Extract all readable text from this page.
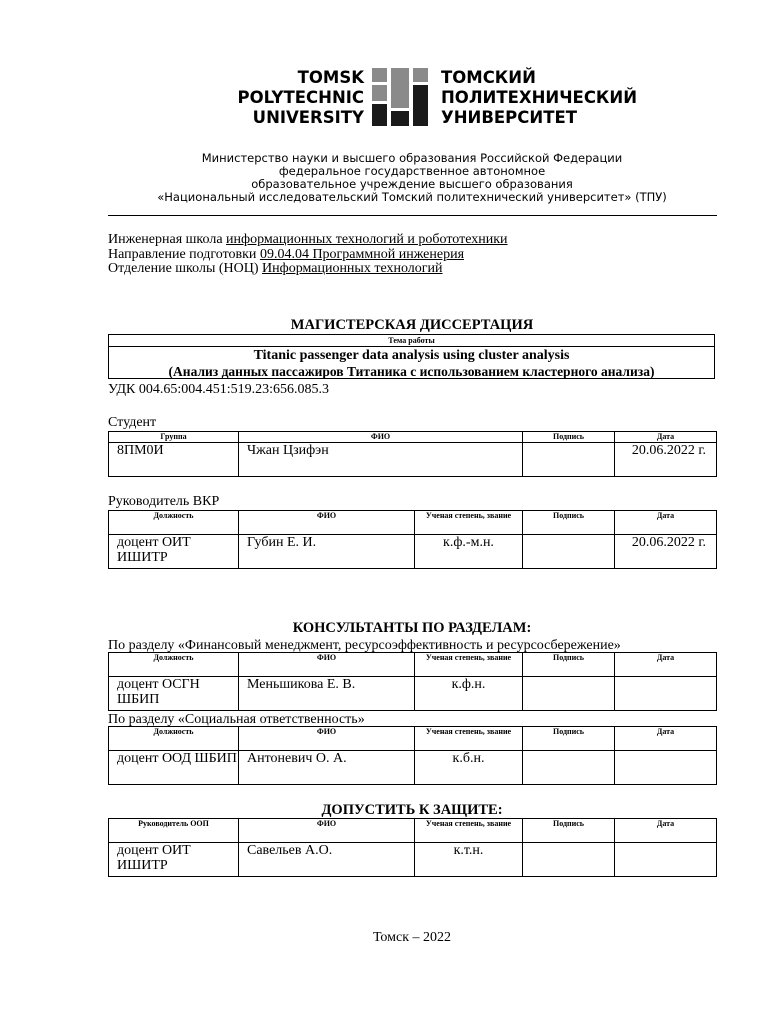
TOMSK
POLYTECHNIC
UNIVERSITY
ТОМСКИЙ
ПОЛИТЕХНИЧЕСКИЙ
УНИВЕРСИТЕТ
Министерство науки и высшего образования Российской Федерации
федеральное государственное автономное
образовательное учреждение высшего образования
«Национальный исследовательский Томский политехнический университет» (ТПУ)
Инженерная школа информационных технологий и робототехники
Направление подготовки 09.04.04 Программной инженерия
Отделение школы (НОЦ) Информационных технологий
МАГИСТЕРСКАЯ ДИССЕРТАЦИЯ
Тема работы
Titanic passenger data analysis using cluster analysis
(Анализ данных пассажиров Титаника с использованием кластерного анализа)
УДК 004.65:004.451:519.23:656.085.3
Студент
Группа	ФИО	Подпись	Дата
8ПМ0И	Чжан Цзифэн		20.06.2022 г.
Руководитель ВКР
Должность	ФИО	Ученая степень, звание	Подпись	Дата
доцент ОИТ ИШИТР	Губин Е. И.	к.ф.-м.н.		20.06.2022 г.
КОНСУЛЬТАНТЫ ПО РАЗДЕЛАМ:
По разделу «Финансовый менеджмент, ресурсоэффективность и ресурсосбережение»
Должность	ФИО	Ученая степень, звание	Подпись	Дата
доцент ОСГН ШБИП	Меньшикова Е. В.	к.ф.н.		
По разделу «Социальная ответственность»
Должность	ФИО	Ученая степень, звание	Подпись	Дата
доцент ООД ШБИП	Антоневич О. А.	к.б.н.		
ДОПУСТИТЬ К ЗАЩИТЕ:
Руководитель ООП	ФИО	Ученая степень, звание	Подпись	Дата
доцент ОИТ ИШИТР	Савельев А.О.	к.т.н.		
Томск – 2022
